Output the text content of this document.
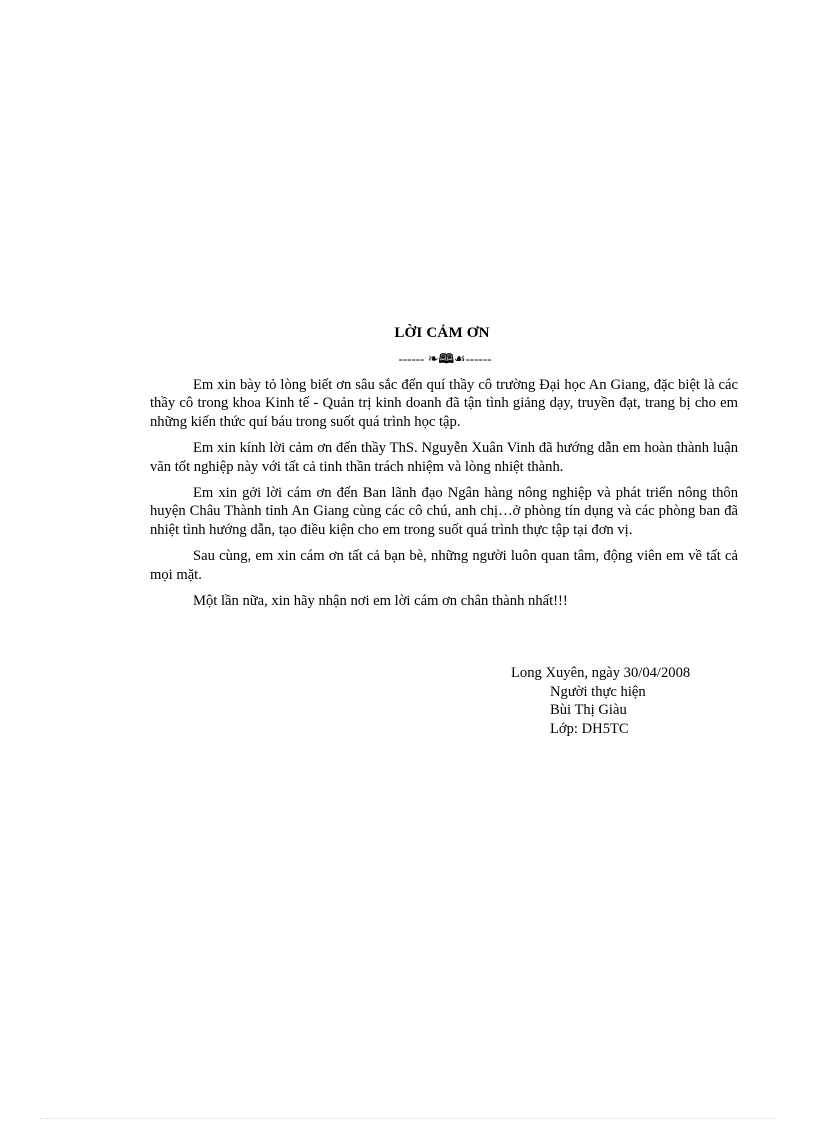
LỜI CẢM ƠN
------ ❧🕮☙------

Em xin bày tỏ lòng biết ơn sâu sắc đến quí thầy cô trường Đại học An Giang, đặc biệt là các thầy cô trong khoa Kinh tế - Quản trị kinh doanh đã tận tình giảng dạy, truyền đạt, trang bị cho em những kiến thức quí báu trong suốt quá trình học tập.

Em xin kính lời cảm ơn đến thầy ThS. Nguyễn Xuân Vinh đã hướng dẫn em hoàn thành luận văn tốt nghiệp này với tất cả tinh thần trách nhiệm và lòng nhiệt thành.

Em xin gởi lời cám ơn đến Ban lãnh đạo Ngân hàng nông nghiệp và phát triển nông thôn huyện Châu Thành tỉnh An Giang cùng các cô chú, anh chị…ở phòng tín dụng và các phòng ban đã nhiệt tình hướng dẫn, tạo điều kiện cho em trong suốt quá trình thực tập tại đơn vị.

Sau cùng, em xin cám ơn tất cả bạn bè, những người luôn quan tâm, động viên em về tất cả mọi mặt.

Một lần nữa, xin hãy nhận nơi em lời cám ơn chân thành nhất!!!

Long Xuyên, ngày 30/04/2008
Người thực hiện
Bùi Thị Giàu
Lớp: DH5TC
